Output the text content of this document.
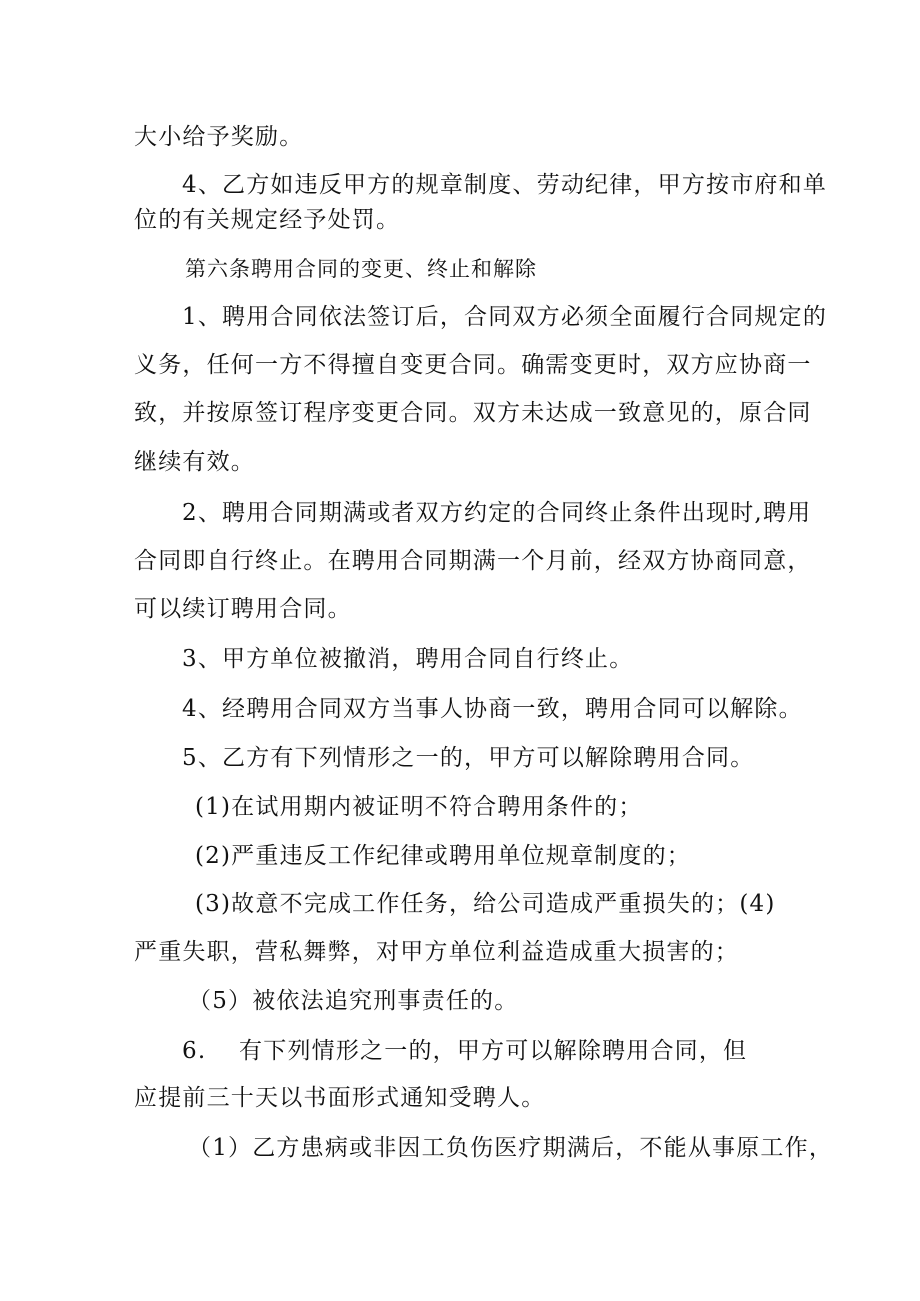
大小给予奖励。
4、乙方如违反甲方的规章制度、劳动纪律，甲方按市府和单
位的有关规定经予处罚。
第六条聘用合同的变更、终止和解除
1、聘用合同依法签订后，合同双方必须全面履行合同规定的
义务，任何一方不得擅自变更合同。确需变更时，双方应协商一
致，并按原签订程序变更合同。双方未达成一致意见的，原合同
继续有效。
2、聘用合同期满或者双方约定的合同终止条件出现时,聘用
合同即自行终止。在聘用合同期满一个月前，经双方协商同意，
可以续订聘用合同。
3、甲方单位被撤消，聘用合同自行终止。
4、经聘用合同双方当事人协商一致，聘用合同可以解除。
5、乙方有下列情形之一的，甲方可以解除聘用合同。
(1)在试用期内被证明不符合聘用条件的；
(2)严重违反工作纪律或聘用单位规章制度的；
(3)故意不完成工作任务，给公司造成严重损失的；(4)
严重失职，营私舞弊，对甲方单位利益造成重大损害的；
（5）被依法追究刑事责任的。
6.　 有下列情形之一的，甲方可以解除聘用合同，但
应提前三十天以书面形式通知受聘人。
（1）乙方患病或非因工负伤医疗期满后，不能从事原工作，
